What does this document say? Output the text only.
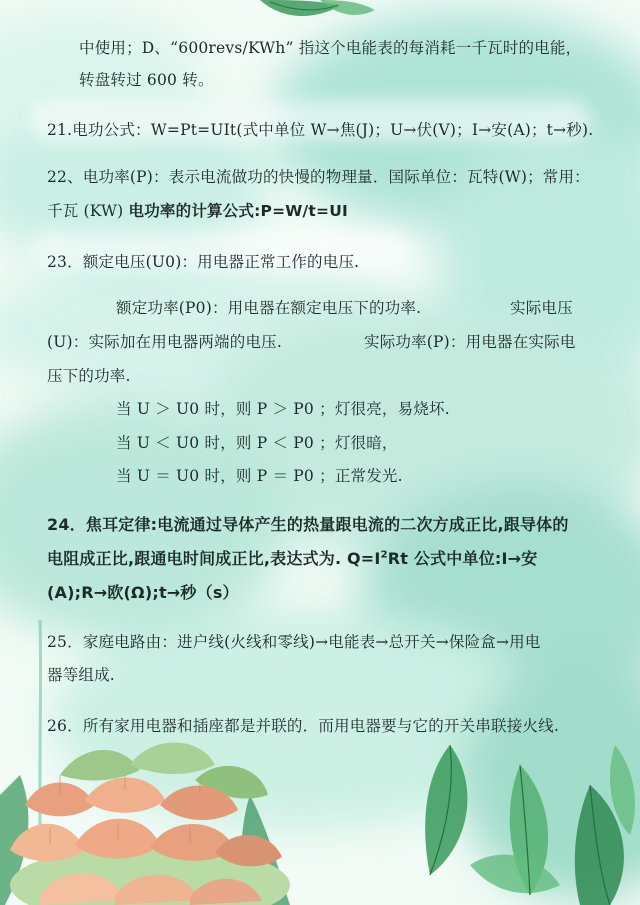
中使用；D、“600revs/KWh” 指这个电能表的每消耗一千瓦时的电能，
转盘转过 600 转。
21.电功公式：W=Pt=UIt(式中单位 W→焦(J)；U→伏(V)；I→安(A)；t→秒).
22、电功率(P)：表示电流做功的快慢的物理量．国际单位：瓦特(W)；常用：
千瓦 (KW) 电功率的计算公式:P=W/t=UI
23．额定电压(U0)：用电器正常工作的电压.
额定功率(P0)：用电器在额定电压下的功率.	实际电压
(U)：实际加在用电器两端的电压.	实际功率(P)：用电器在实际电
压下的功率.
当 U ＞ U0 时，则 P ＞ P0 ；灯很亮，易烧坏.
当 U ＜ U0 时，则 P ＜ P0 ；灯很暗，
当 U ＝ U0 时，则 P ＝ P0 ；正常发光.
24．焦耳定律:电流通过导体产生的热量跟电流的二次方成正比,跟导体的
电阻成正比,跟通电时间成正比,表达式为. $Q=I^2Rt$ 公式中单位:I→安
(A);R→欧(Ω);t→秒（s）
25．家庭电路由：进户线(火线和零线)→电能表→总开关→保险盒→用电
器等组成.
26．所有家用电器和插座都是并联的．而用电器要与它的开关串联接火线.
